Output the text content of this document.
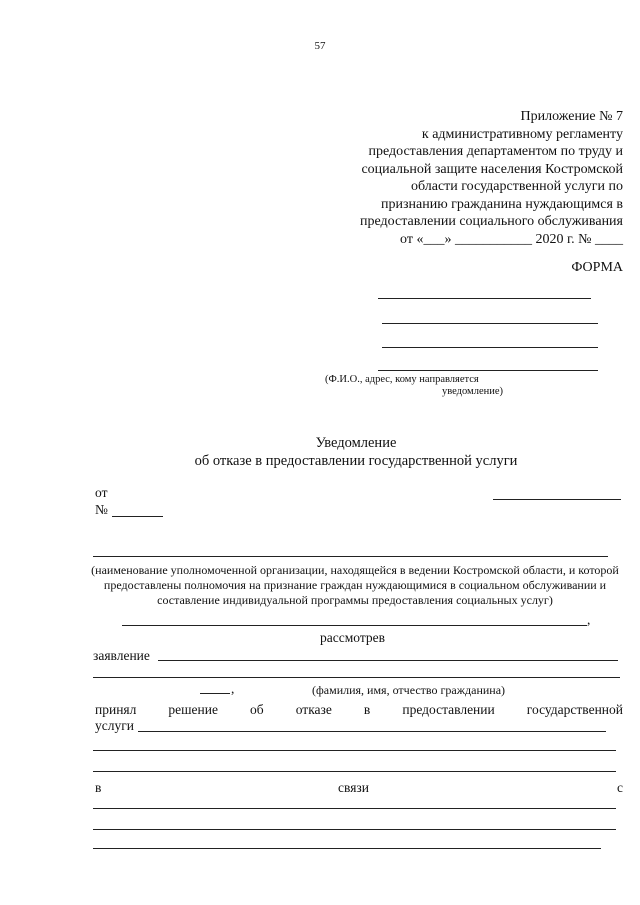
57
Приложение № 7
к административному регламенту
предоставления департаментом по труду и
социальной защите населения Костромской
области государственной услуги по
признанию гражданина нуждающимся в
предоставлении социального обслуживания
от «___» ___________ 2020 г. № ____
ФОРМА
(Ф.И.О., адрес, кому направляется
уведомление)
Уведомление
об отказе в предоставлении государственной услуги
от
№
(наименование уполномоченной организации, находящейся в ведении Костромской области, и которой предоставлены полномочия на признание граждан нуждающимися в социальном обслуживании и составление индивидуальной программы предоставления социальных услуг)
,
рассмотрев
заявление
,	(фамилия, имя, отчество гражданина)
принял решение об отказе в предоставлении государственной
услуги
в	связи	с
